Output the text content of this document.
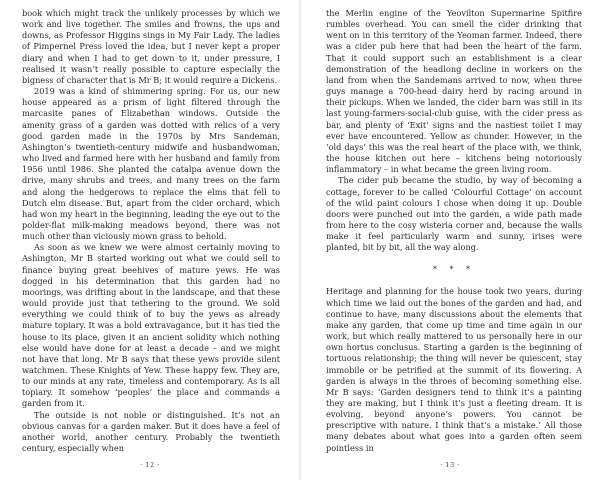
book which might track the unlikely processes by which we work and live together. The smiles and frowns, the ups and downs, as Professor Higgins sings in My Fair Lady. The ladies of Pimpernel Press loved the idea, but I never kept a proper diary and when I had to get down to it, under pressure, I realised it wasn’t really possible to capture especially the bigness of character that is Mr B; it would require a Dickens.

2019 was a kind of shimmering spring. For us, our new house appeared as a prism of light filtered through the marcasite panes of Elizabethan windows. Outside the amenity grass of a garden was dotted with relics of a very good garden made in the 1970s by Mrs Sandeman, Ashington’s twentieth-century midwife and husbandwoman, who lived and farmed here with her husband and family from 1956 until 1986. She planted the catalpa avenue down the drive, many shrubs and trees, and many trees on the farm and along the hedgerows to replace the elms that fell to Dutch elm disease. But, apart from the cider orchard, which had won my heart in the beginning, leading the eye out to the polder-flat milk-making meadows beyond, there was not much other than viciously mown grass to behold.

As soon as we knew we were almost certainly moving to Ashington, Mr B started working out what we could sell to finance buying great beehives of mature yews. He was dogged in his determination that this garden had no moorings, was drifting about in the landscape, and that these would provide just that tethering to the ground. We sold everything we could think of to buy the yews as already mature topiary. It was a bold extravagance, but it has tied the house to its place, given it an ancient solidity which nothing else would have done for at least a decade – and we might not have that long. Mr B says that these yews provide silent watchmen. These Knights of Yew. These happy few. They are, to our minds at any rate, timeless and contemporary. As is all topiary. It somehow ‘peoples’ the place and commands a garden from it.

The outside is not noble or distinguished. It’s not an obvious canvas for a garden maker. But it does have a feel of another world, another century. Probably the twentieth century, especially when

· 12 ·

the Merlin engine of the Yeovilton Supermarine Spitfire rumbles overhead. You can smell the cider drinking that went on in this territory of the Yeoman farmer. Indeed, there was a cider pub here that had been the heart of the farm. That it could support such an establishment is a clear demonstration of the headlong decline in workers on the land from when the Sandemans arrived to now, when three guys manage a 700-head dairy herd by racing around in their pickups. When we landed, the cider barn was still in its last young-farmers-social-club guise, with the cider press as bar, and plenty of ‘Exit’ signs and the nastiest toilet I may ever have encountered. Yellow as chunder. However, in the ‘old days’ this was the real heart of the place with, we think, the house kitchen out here – kitchens being notoriously inflammatory – in what became the green living room.

The cider pub became the studio, by way of becoming a cottage, forever to be called ‘Colourful Cottage’ on account of the wild paint colours I chose when doing it up. Double doors were punched out into the garden, a wide path made from here to the cosy wisteria corner and, because the walls make it feel particularly warm and sunny, irises were planted, bit by bit, all the way along.

* * *

Heritage and planning for the house took two years, during which time we laid out the bones of the garden and had, and continue to have, many discussions about the elements that make any garden, that come up time and time again in our work, but which really mattered to us personally here in our own hortus conclusus. Starting a garden is the beginning of tortuous relationship; the thing will never be quiescent, stay immobile or be petrified at the summit of its flowering. A garden is always in the throes of becoming something else. Mr B says: ‘Garden designers tend to think it’s a painting they are making, but I think it’s just a fleeting dream. It is evolving, beyond anyone’s powers. You cannot be prescriptive with nature. I think that’s a mistake.’ All those many debates about what goes into a garden often seem pointless in

· 13 ·
